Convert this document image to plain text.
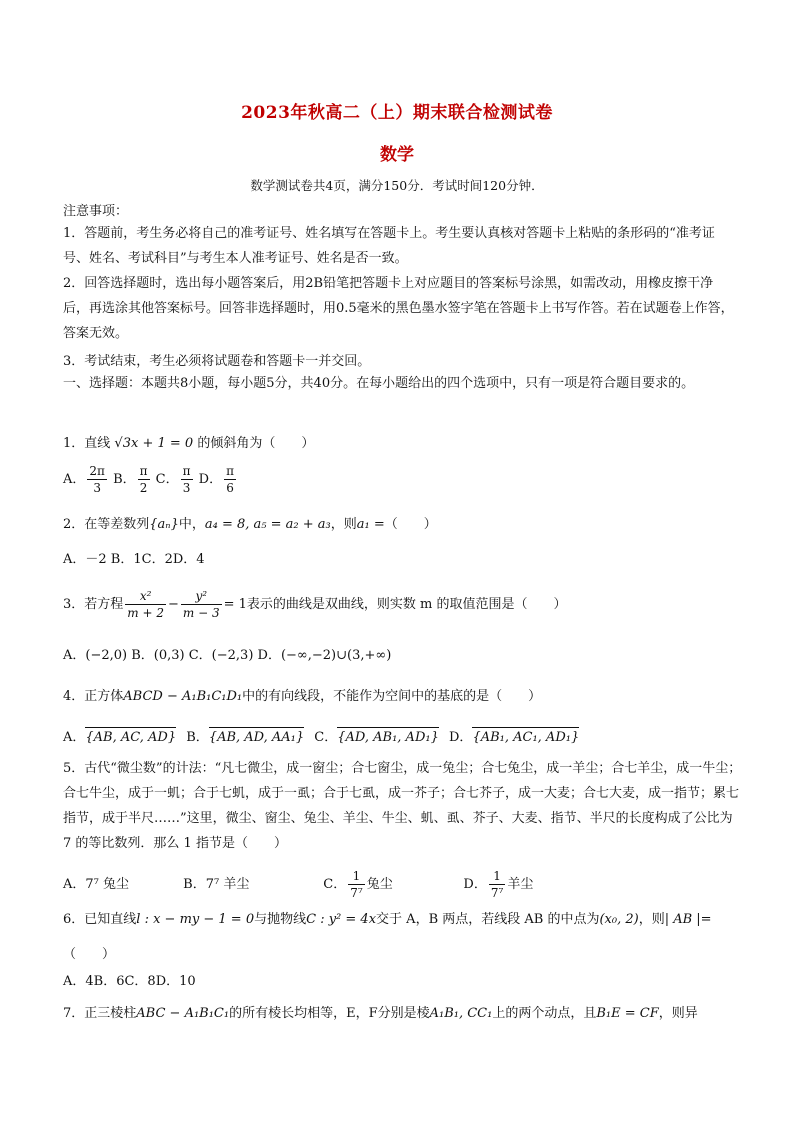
2023年秋高二（上）期末联合检测试卷
数学
数学测试卷共4页，满分150分．考试时间120分钟．
注意事项：
1．答题前，考生务必将自己的准考证号、姓名填写在答题卡上。考生要认真核对答题卡上粘贴的条形码的“准考证号、姓名、考试科目”与考生本人准考证号、姓名是否一致。
2．回答选择题时，选出每小题答案后，用2B铅笔把答题卡上对应题目的答案标号涂黑，如需改动，用橡皮擦干净后，再选涂其他答案标号。回答非选择题时，用0.5毫米的黑色墨水签字笔在答题卡上书写作答。若在试题卷上作答，答案无效。
3．考试结束，考生必须将试题卷和答题卡一并交回。
一、选择题：本题共8小题，每小题5分，共40分。在每小题给出的四个选项中，只有一项是符合题目要求的。
1．直线 √3x + 1 = 0 的倾斜角为（　　）
A． $\frac{2\pi}{3}$ B． $\frac{\pi}{2}$ C． $\frac{\pi}{3}$ D． $\frac{\pi}{6}$
2．在等差数列{aₙ}中，a₄ = 8, a₅ = a₂ + a₃，则a₁ =（　　）
A．－2 B．1C．2D．4
3．若方程 $\frac{\text{x²}}{m + 2} - \frac{\text{y²}}{m - 3} = 1$表示的曲线是双曲线，则实数 m 的取值范围是（　　）
A．(−2,0) B．(0,3) C．(−2,3) D．(−∞,−2)∪(3,+∞)
4．正方体ABCD − A₁B₁C₁D₁中的有向线段，不能作为空间中的基底的是（　　）
A．{AB, AC, AD} B．{AB, AD, AA₁} C．{AD, AB₁, AD₁} D．{AB₁, AC₁, AD₁}
5．古代“微尘数”的计法：“凡七微尘，成一窗尘；合七窗尘，成一兔尘；合七兔尘，成一羊尘；合七羊尘，成一牛尘；合七牛尘，成于一虮；合于七虮，成于一虱；合于七虱，成一芥子；合七芥子，成一大麦；合七大麦，成一指节；累七指节，成于半尺……”这里，微尘、窗尘、兔尘、羊尘、牛尘、虮、虱、芥子、大麦、指节、半尺的长度构成了公比为 7 的等比数列．那么 1 指节是（　　）
A．7⁷ 兔尘	B．7⁷ 羊尘	C． $\frac{1}{\text{7⁷}}$ 兔尘	D． $\frac{1}{\text{7⁷}}$ 羊尘
6．已知直线l : x − my − 1 = 0与抛物线C : y² = 4x交于 A，B 两点，若线段 AB 的中点为(x₀, 2)，则| AB |=
（　　）
A．4B．6C．8D．10
7．正三棱柱ABC − A₁B₁C₁的所有棱长均相等，E，F分别是棱A₁B₁, CC₁上的两个动点，且B₁E = CF，则异
